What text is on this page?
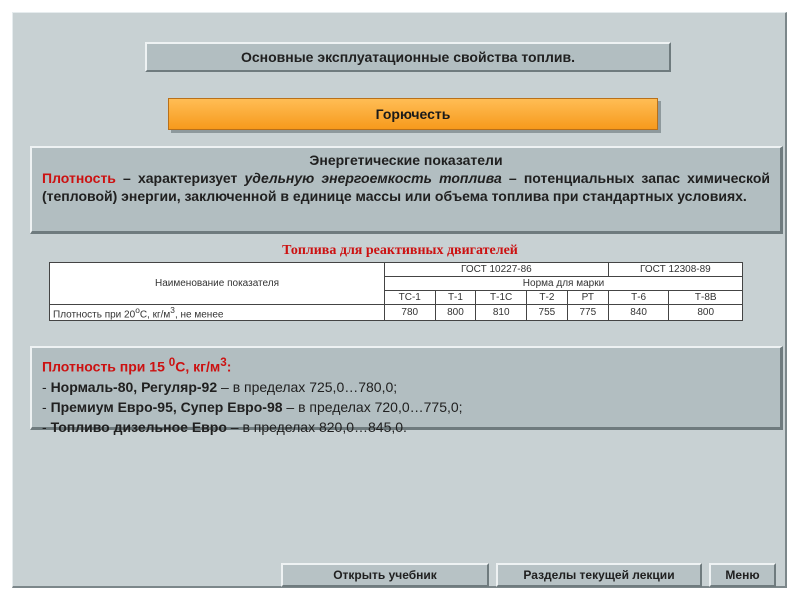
Основные эксплуатационные свойства топлив.
Горючесть
Энергетические показатели
Плотность – характеризует удельную энергоемкость топлива – потенциальных запас химической (тепловой) энергии, заключенной в единице массы или объема топлива при стандартных условиях.
Топлива для реактивных двигателей
Наименование показателя	ГОСТ 10227-86					ГОСТ 12308-89	
	Норма для марки						
	ТС-1	Т-1	Т-1С	Т-2	РТ	Т-6	Т-8В
Плотность при $20^оС$, $кг/м^3$, не менее	780	800	810	755	775	840	800
Плотность при 15 $^0$С, $кг/м^3$:
- Нормаль-80, Регуляр-92 – в пределах 725,0…780,0;
- Премиум Евро-95, Супер Евро-98 – в пределах 720,0…775,0;
- Топливо дизельное Евро – в пределах 820,0…845,0.
Открыть учебник	Разделы текущей лекции	Меню
